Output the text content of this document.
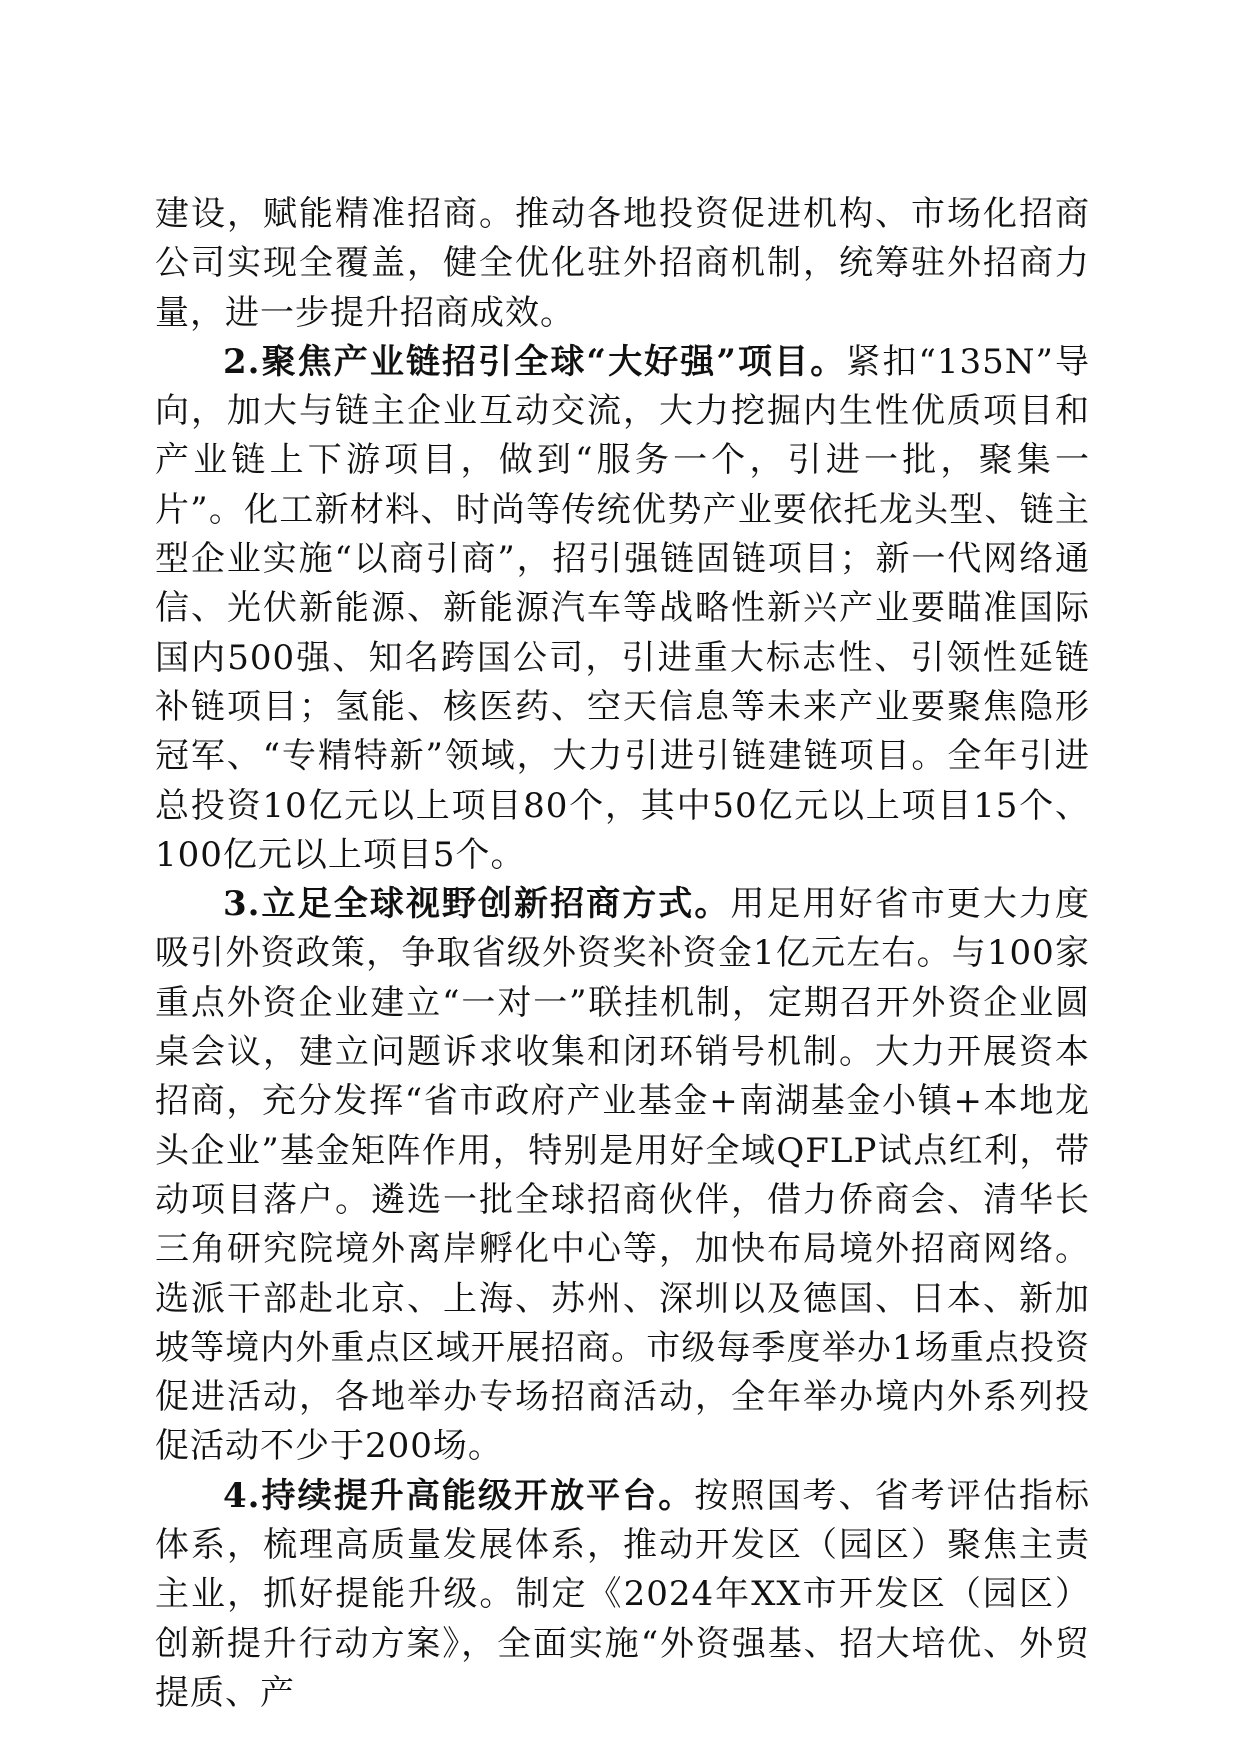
建设，赋能精准招商。推动各地投资促进机构、市场化招商公司实现全覆盖，健全优化驻外招商机制，统筹驻外招商力量，进一步提升招商成效。

2.聚焦产业链招引全球“大好强”项目。紧扣“135N”导向，加大与链主企业互动交流，大力挖掘内生性优质项目和产业链上下游项目，做到“服务一个，引进一批，聚集一片”。化工新材料、时尚等传统优势产业要依托龙头型、链主型企业实施“以商引商”，招引强链固链项目；新一代网络通信、光伏新能源、新能源汽车等战略性新兴产业要瞄准国际国内500强、知名跨国公司，引进重大标志性、引领性延链补链项目；氢能、核医药、空天信息等未来产业要聚焦隐形冠军、“专精特新”领域，大力引进引链建链项目。全年引进总投资10亿元以上项目80个，其中50亿元以上项目15个、100亿元以上项目5个。

3.立足全球视野创新招商方式。用足用好省市更大力度吸引外资政策，争取省级外资奖补资金1亿元左右。与100家重点外资企业建立“一对一”联挂机制，定期召开外资企业圆桌会议，建立问题诉求收集和闭环销号机制。大力开展资本招商，充分发挥“省市政府产业基金+南湖基金小镇+本地龙头企业”基金矩阵作用，特别是用好全域QFLP试点红利，带动项目落户。遴选一批全球招商伙伴，借力侨商会、清华长三角研究院境外离岸孵化中心等，加快布局境外招商网络。选派干部赴北京、上海、苏州、深圳以及德国、日本、新加坡等境内外重点区域开展招商。市级每季度举办1场重点投资促进活动，各地举办专场招商活动，全年举办境内外系列投促活动不少于200场。

4.持续提升高能级开放平台。按照国考、省考评估指标体系，梳理高质量发展体系，推动开发区（园区）聚焦主责主业，抓好提能升级。制定《2024年XX市开发区（园区）创新提升行动方案》，全面实施“外资强基、招大培优、外贸提质、产
